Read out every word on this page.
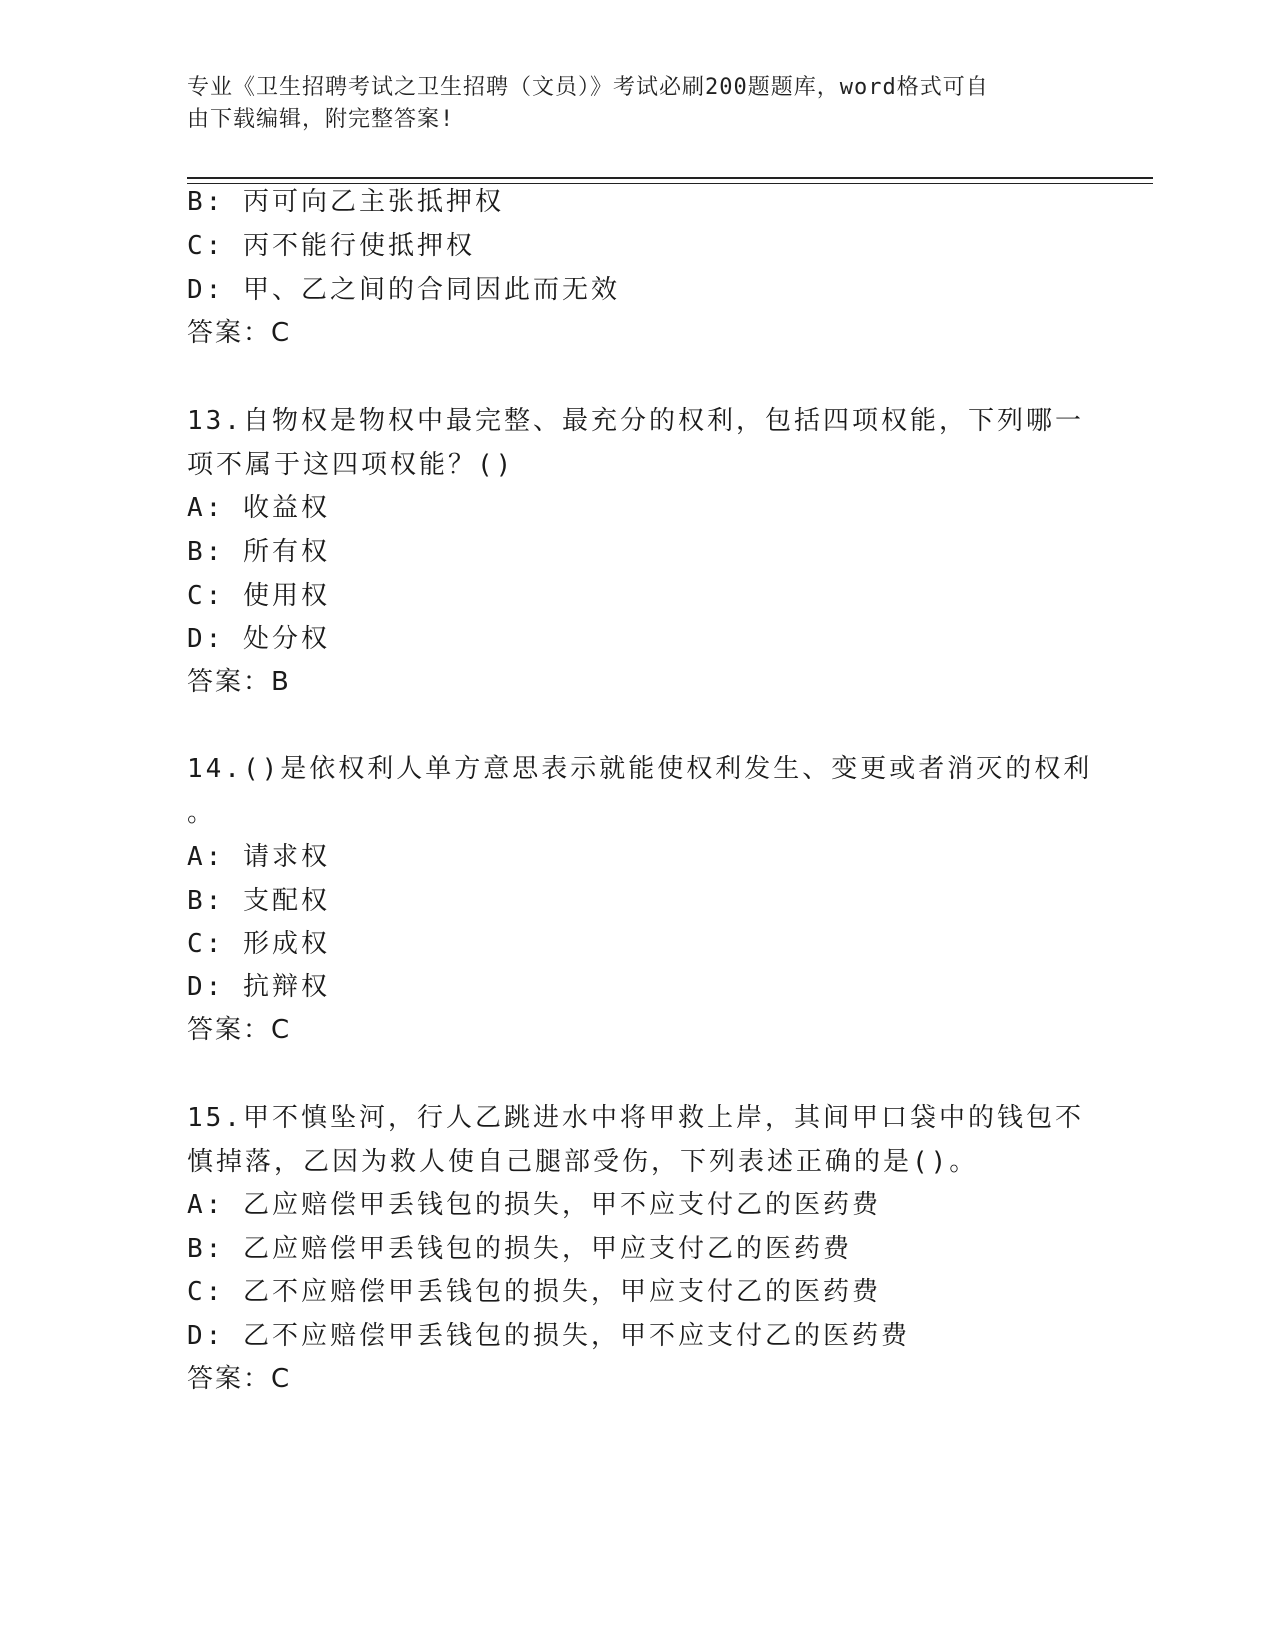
专业《卫生招聘考试之卫生招聘（文员）》考试必刷200题题库，word格式可自
由下载编辑，附完整答案!
B: 丙可向乙主张抵押权
C: 丙不能行使抵押权
D: 甲、乙之间的合同因此而无效
答案：C
13.自物权是物权中最完整、最充分的权利，包括四项权能，下列哪一
项不属于这四项权能？()
A: 收益权
B: 所有权
C: 使用权
D: 处分权
答案：B
14.()是依权利人单方意思表示就能使权利发生、变更或者消灭的权利
。
A: 请求权
B: 支配权
C: 形成权
D: 抗辩权
答案：C
15.甲不慎坠河，行人乙跳进水中将甲救上岸，其间甲口袋中的钱包不
慎掉落，乙因为救人使自己腿部受伤，下列表述正确的是()。
A: 乙应赔偿甲丢钱包的损失，甲不应支付乙的医药费
B: 乙应赔偿甲丢钱包的损失，甲应支付乙的医药费
C: 乙不应赔偿甲丢钱包的损失，甲应支付乙的医药费
D: 乙不应赔偿甲丢钱包的损失，甲不应支付乙的医药费
答案：C
